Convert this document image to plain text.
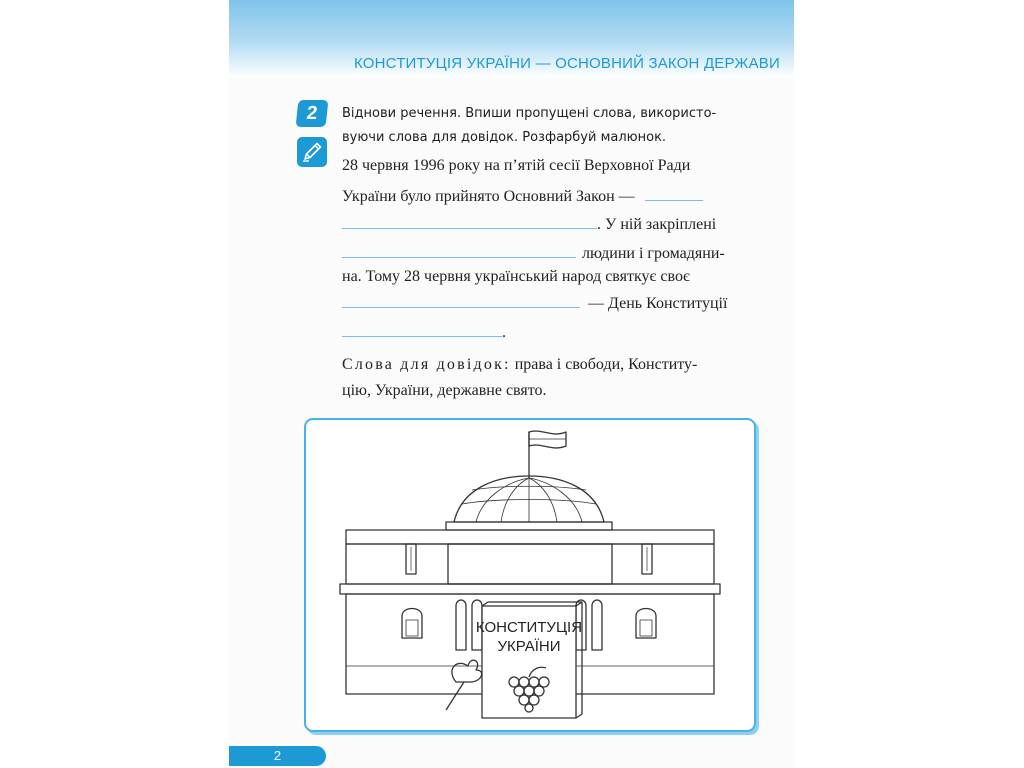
КОНСТИТУЦІЯ УКРАЇНИ — ОСНОВНИЙ ЗАКОН ДЕРЖАВИ
2	Віднови речення. Впиши пропущені слова, використо-
вуючи слова для довідок. Розфарбуй малюнок.
28 червня 1996 року на п’ятій сесії Верховної Ради
України було прийнято Основний Закон —
. У ній закріплені
людини і громадяни-
на. Тому 28 червня український народ святкує своє
— День Конституції
.
Слова для довідок: права і свободи, Конститу-
цію, України, державне свято.
КОНСТИТУЦІЯ
УКРАЇНИ
2
